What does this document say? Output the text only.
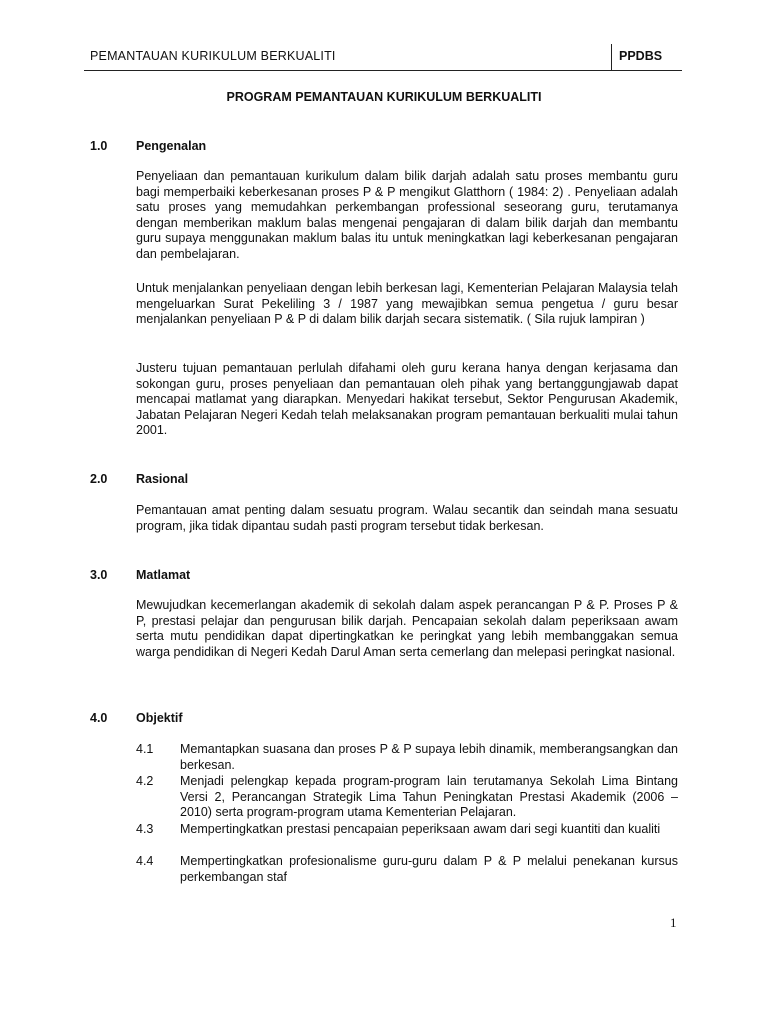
PEMANTAUAN KURIKULUM BERKUALITI	PPDBS
PROGRAM PEMANTAUAN KURIKULUM BERKUALITI
1.0 Pengenalan
Penyeliaan dan pemantauan kurikulum dalam bilik darjah adalah satu proses membantu guru bagi memperbaiki keberkesanan proses P & P mengikut Glatthorn ( 1984: 2) . Penyeliaan adalah satu proses yang memudahkan perkembangan professional seseorang guru, terutamanya dengan memberikan maklum balas mengenai pengajaran di dalam bilik darjah dan membantu guru supaya menggunakan maklum balas itu untuk meningkatkan lagi keberkesanan pengajaran dan pembelajaran.
Untuk menjalankan penyeliaan dengan lebih berkesan lagi, Kementerian Pelajaran Malaysia telah mengeluarkan Surat Pekeliling 3 / 1987 yang mewajibkan semua pengetua / guru besar menjalankan penyeliaan P & P di dalam bilik darjah secara sistematik. ( Sila rujuk lampiran )
Justeru tujuan pemantauan perlulah difahami oleh guru kerana hanya dengan kerjasama dan sokongan guru, proses penyeliaan dan pemantauan oleh pihak yang bertanggungjawab dapat mencapai matlamat yang diarapkan. Menyedari hakikat tersebut, Sektor Pengurusan Akademik, Jabatan Pelajaran Negeri Kedah telah melaksanakan program pemantauan berkualiti mulai tahun 2001.
2.0 Rasional
Pemantauan amat penting dalam sesuatu program. Walau secantik dan seindah mana sesuatu program, jika tidak dipantau sudah pasti program tersebut tidak berkesan.
3.0 Matlamat
Mewujudkan kecemerlangan akademik di sekolah dalam aspek perancangan P & P. Proses P & P, prestasi pelajar dan pengurusan bilik darjah. Pencapaian sekolah dalam peperiksaan awam serta mutu pendidikan dapat dipertingkatkan ke peringkat yang lebih membanggakan semua warga pendidikan di Negeri Kedah Darul Aman serta cemerlang dan melepasi peringkat nasional.
4.0 Objektif
4.1 Memantapkan suasana dan proses P & P supaya lebih dinamik, memberangsangkan dan berkesan.
4.2 Menjadi pelengkap kepada program-program lain terutamanya Sekolah Lima Bintang Versi 2, Perancangan Strategik Lima Tahun Peningkatan Prestasi Akademik (2006 – 2010) serta program-program utama Kementerian Pelajaran.
4.3 Mempertingkatkan prestasi pencapaian peperiksaan awam dari segi kuantiti dan kualiti
4.4 Mempertingkatkan profesionalisme guru-guru dalam P & P melalui penekanan kursus perkembangan staf
1
